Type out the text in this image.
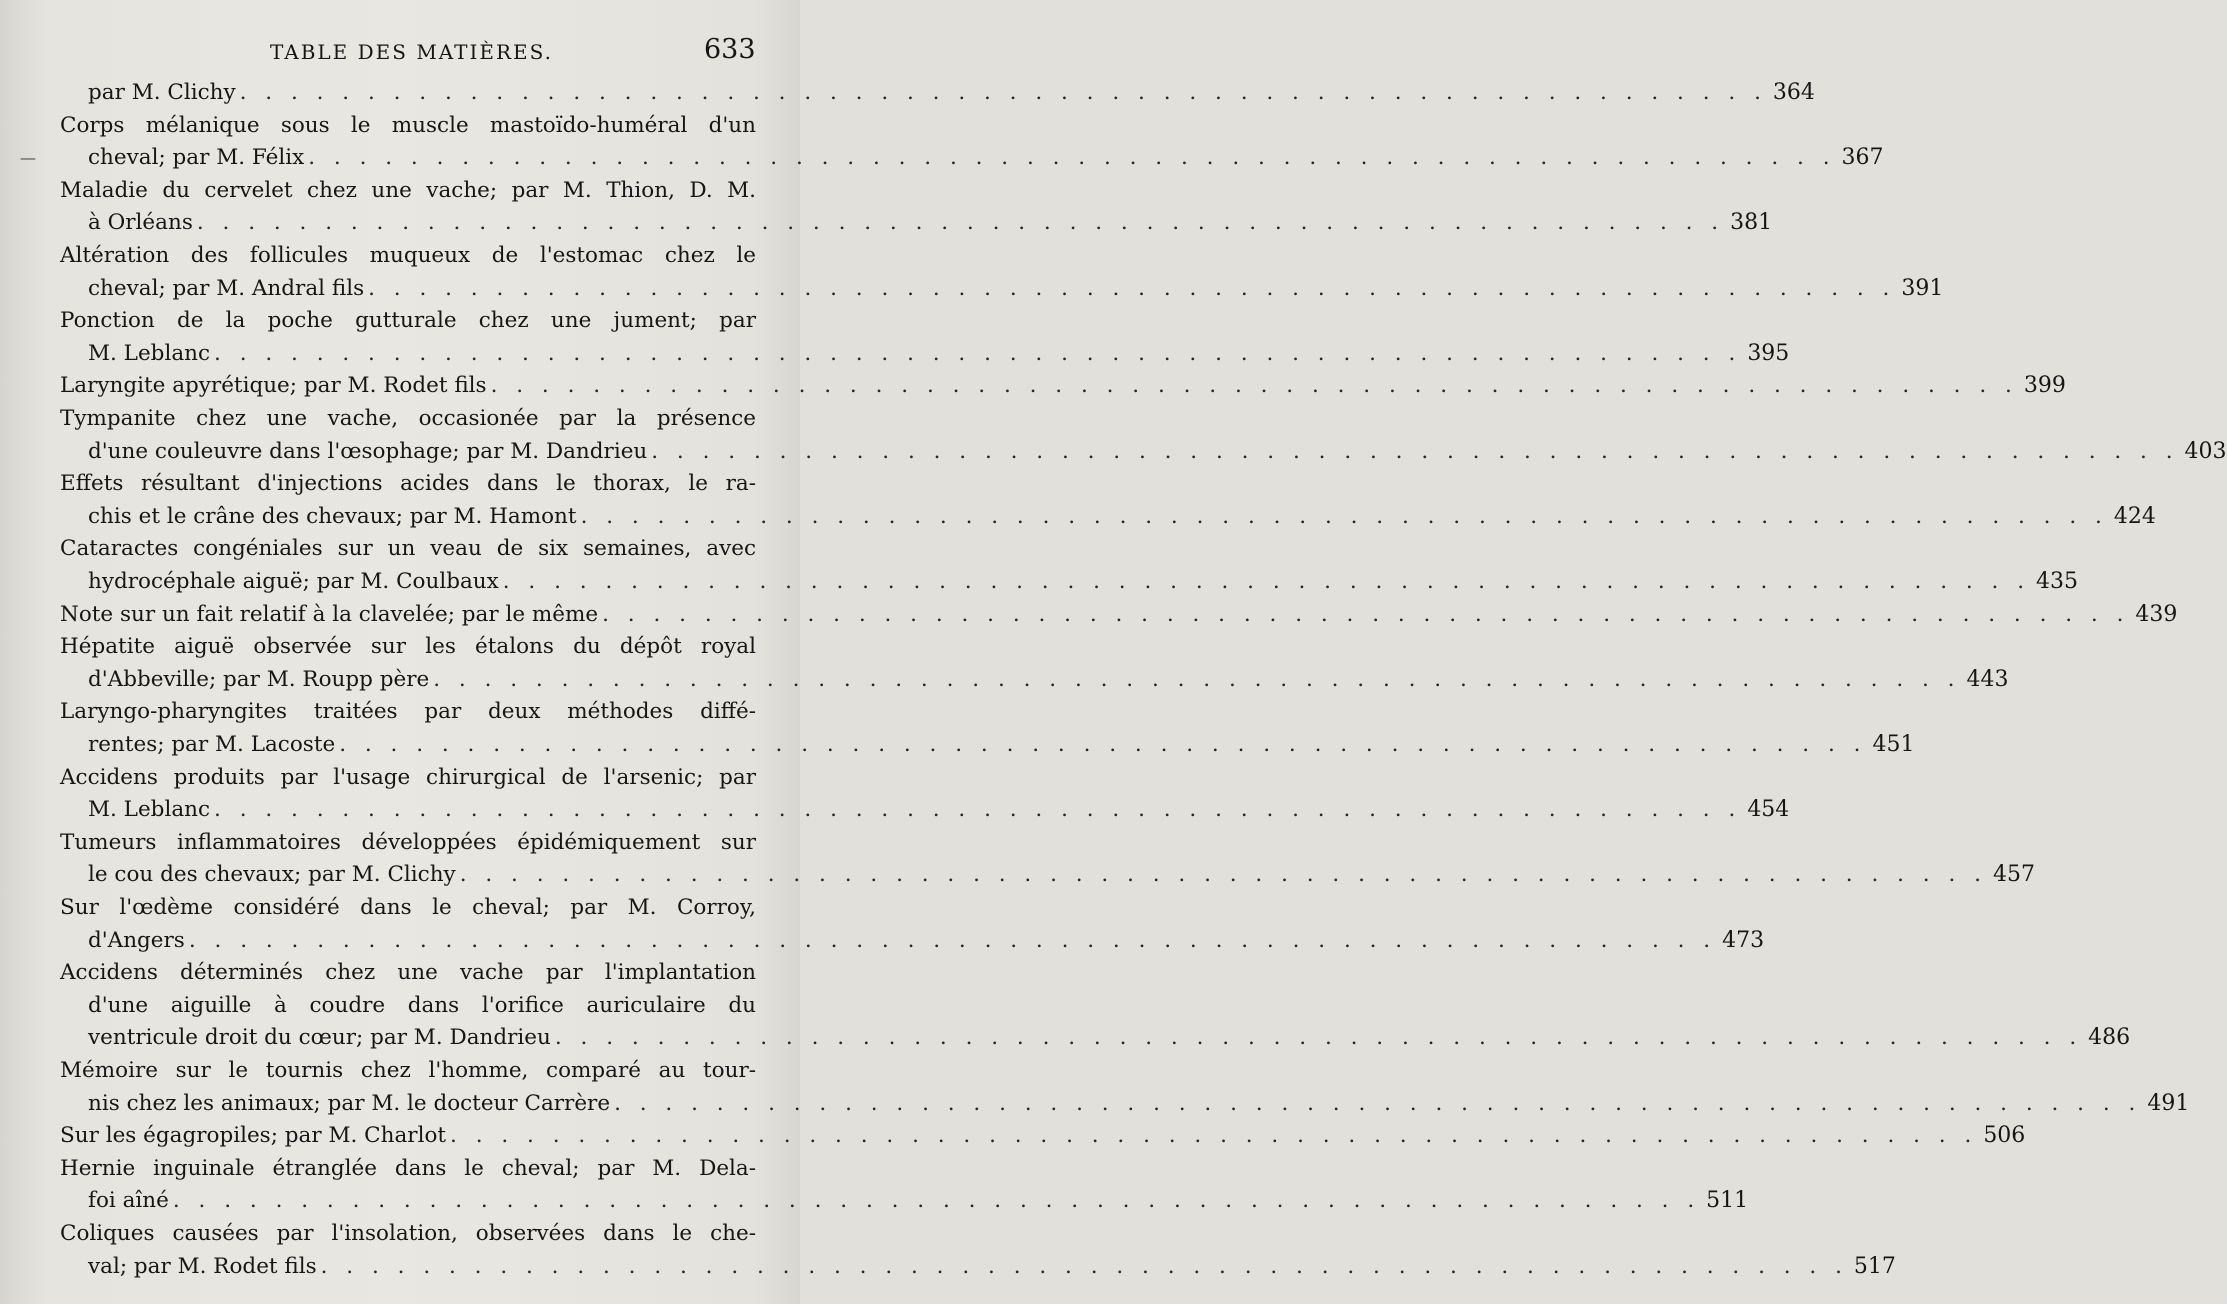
TABLE DES MATIÈRES.	633
par M. Clichy . . . . . . . . . . . . . . . . . . . . . . . . . . . . . . . . . . . . . . . . . . . . . . . . . . . . . . . . . . . . 364
Corps mélanique sous le muscle mastoïdo-huméral d'un
cheval; par M. Félix . . . . . . . . . . . . . . . . . . . . . . . . . . . . . . . . . . . . . . . . . . . . . . . . . . . . . . . . . . . . 367
Maladie du cervelet chez une vache; par M. Thion, D. M.
à Orléans . . . . . . . . . . . . . . . . . . . . . . . . . . . . . . . . . . . . . . . . . . . . . . . . . . . . . . . . . . . . 381
Altération des follicules muqueux de l'estomac chez le
cheval; par M. Andral fils . . . . . . . . . . . . . . . . . . . . . . . . . . . . . . . . . . . . . . . . . . . . . . . . . . . . . . . . . . . . 391
Ponction de la poche gutturale chez une jument; par
M. Leblanc . . . . . . . . . . . . . . . . . . . . . . . . . . . . . . . . . . . . . . . . . . . . . . . . . . . . . . . . . . . . 395
Laryngite apyrétique; par M. Rodet fils . . . . . . . . . . . . . . . . . . . . . . . . . . . . . . . . . . . . . . . . . . . . . . . . . . . . . . . . . . . . 399
Tympanite chez une vache, occasionée par la présence
d'une couleuvre dans l'œsophage; par M. Dandrieu . . . . . . . . . . . . . . . . . . . . . . . . . . . . . . . . . . . . . . . . . . . . . . . . . . . . . . . . . . . . 403
Effets résultant d'injections acides dans le thorax, le ra-
chis et le crâne des chevaux; par M. Hamont . . . . . . . . . . . . . . . . . . . . . . . . . . . . . . . . . . . . . . . . . . . . . . . . . . . . . . . . . . . . 424
Cataractes congéniales sur un veau de six semaines, avec
hydrocéphale aiguë; par M. Coulbaux . . . . . . . . . . . . . . . . . . . . . . . . . . . . . . . . . . . . . . . . . . . . . . . . . . . . . . . . . . . . 435
Note sur un fait relatif à la clavelée; par le même . . . . . . . . . . . . . . . . . . . . . . . . . . . . . . . . . . . . . . . . . . . . . . . . . . . . . . . . . . . . 439
Hépatite aiguë observée sur les étalons du dépôt royal
d'Abbeville; par M. Roupp père . . . . . . . . . . . . . . . . . . . . . . . . . . . . . . . . . . . . . . . . . . . . . . . . . . . . . . . . . . . . 443
Laryngo-pharyngites traitées par deux méthodes diffé-
rentes; par M. Lacoste . . . . . . . . . . . . . . . . . . . . . . . . . . . . . . . . . . . . . . . . . . . . . . . . . . . . . . . . . . . . 451
Accidens produits par l'usage chirurgical de l'arsenic; par
M. Leblanc . . . . . . . . . . . . . . . . . . . . . . . . . . . . . . . . . . . . . . . . . . . . . . . . . . . . . . . . . . . . 454
Tumeurs inflammatoires développées épidémiquement sur
le cou des chevaux; par M. Clichy . . . . . . . . . . . . . . . . . . . . . . . . . . . . . . . . . . . . . . . . . . . . . . . . . . . . . . . . . . . . 457
Sur l'œdème considéré dans le cheval; par M. Corroy,
d'Angers . . . . . . . . . . . . . . . . . . . . . . . . . . . . . . . . . . . . . . . . . . . . . . . . . . . . . . . . . . . . 473
Accidens déterminés chez une vache par l'implantation
d'une aiguille à coudre dans l'orifice auriculaire du
ventricule droit du cœur; par M. Dandrieu . . . . . . . . . . . . . . . . . . . . . . . . . . . . . . . . . . . . . . . . . . . . . . . . . . . . . . . . . . . . 486
Mémoire sur le tournis chez l'homme, comparé au tour-
nis chez les animaux; par M. le docteur Carrère . . . . . . . . . . . . . . . . . . . . . . . . . . . . . . . . . . . . . . . . . . . . . . . . . . . . . . . . . . . . 491
Sur les égagropiles; par M. Charlot . . . . . . . . . . . . . . . . . . . . . . . . . . . . . . . . . . . . . . . . . . . . . . . . . . . . . . . . . . . . 506
Hernie inguinale étranglée dans le cheval; par M. Dela-
foi aîné . . . . . . . . . . . . . . . . . . . . . . . . . . . . . . . . . . . . . . . . . . . . . . . . . . . . . . . . . . . . 511
Coliques causées par l'insolation, observées dans le che-
val; par M. Rodet fils . . . . . . . . . . . . . . . . . . . . . . . . . . . . . . . . . . . . . . . . . . . . . . . . . . . . . . . . . . . . 517
—
